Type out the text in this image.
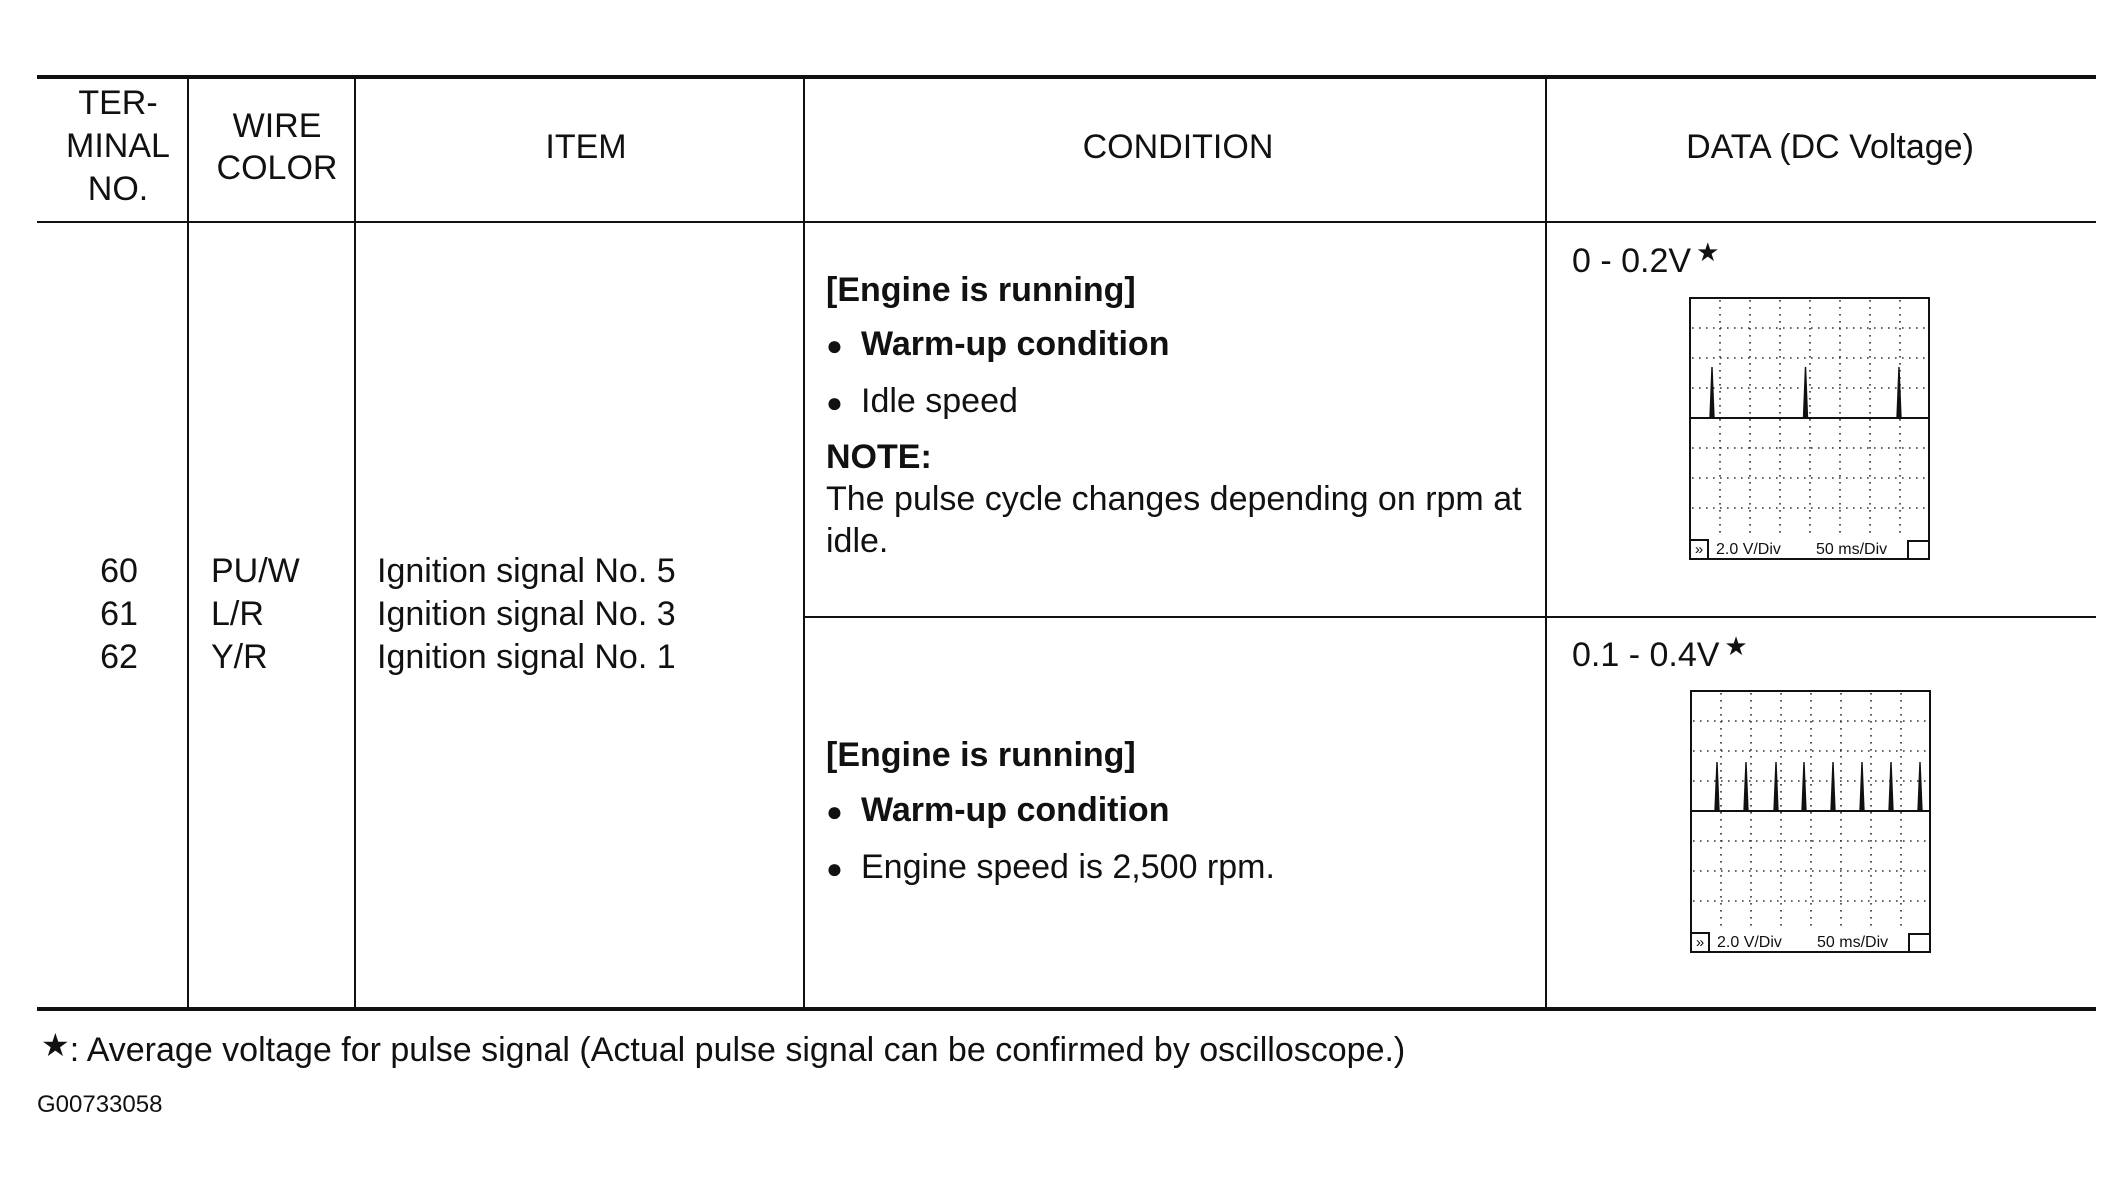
TER-
MINAL
NO.
WIRE
COLOR
ITEM	CONDITION	DATA (DC Voltage)
60
61
62
PU/W
L/R
Y/R
Ignition signal No. 5
Ignition signal No. 3
Ignition signal No. 1
[Engine is running]
● Warm-up condition
● Idle speed
NOTE:
The pulse cycle changes depending on rpm at idle.
[Engine is running]
● Warm-up condition
● Engine speed is 2,500 rpm.
0 - 0.2V ★
» 2.0 V/Div 50 ms/Div
0.1 - 0.4V ★
» 2.0 V/Div 50 ms/Div
★: Average voltage for pulse signal (Actual pulse signal can be confirmed by oscilloscope.)
G00733058
